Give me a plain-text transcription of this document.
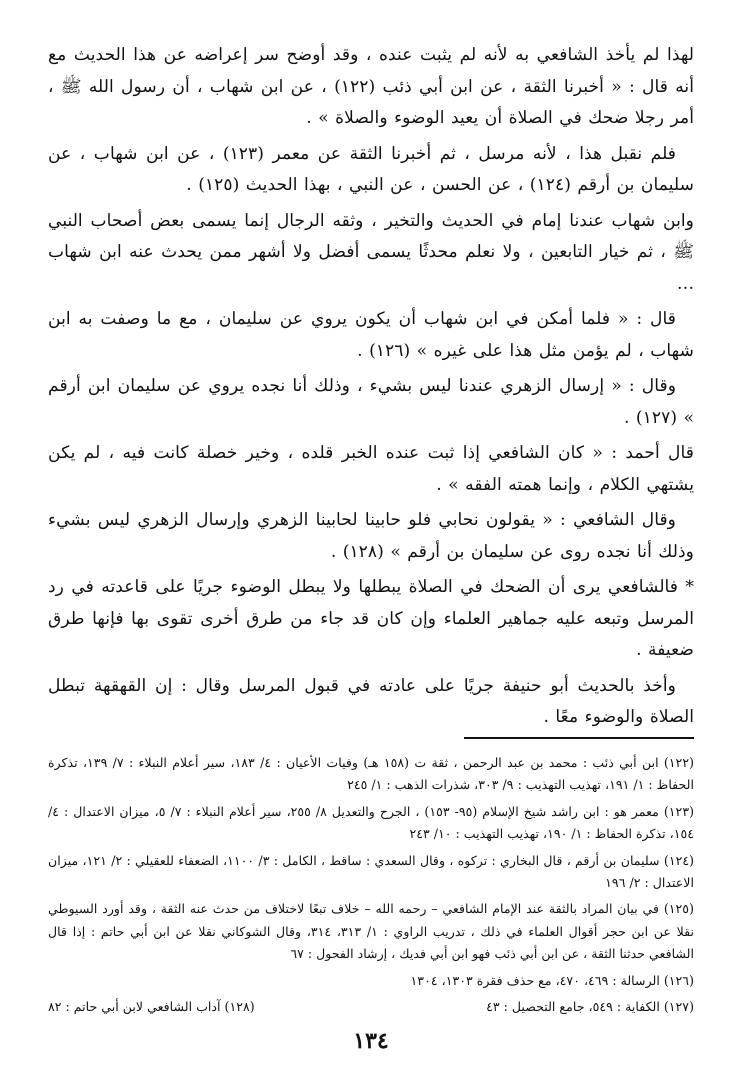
لهذا لم يأخذ الشافعي به لأنه لم يثبت عنده ، وقد أوضح سر إعراضه عن هذا الحديث مع أنه قال : « أخبرنا الثقة ، عن ابن أبي ذئب (١٢٢) ، عن ابن شهاب ، أن رسول الله ﷺ ، أمر رجلا ضحك في الصلاة أن يعيد الوضوء والصلاة » .

فلم نقبل هذا ، لأنه مرسل ، ثم أخبرنا الثقة عن معمر (١٢٣) ، عن ابن شهاب ، عن سليمان بن أرقم (١٢٤) ، عن الحسن ، عن النبي ، بهذا الحديث (١٢٥) .

وابن شهاب عندنا إمام في الحديث والتخير ، وثقه الرجال إنما يسمى بعض أصحاب النبي ﷺ ، ثم خيار التابعين ، ولا نعلم محدثًا يسمى أفضل ولا أشهر ممن يحدث عنه ابن شهاب …

قال : « فلما أمكن في ابن شهاب أن يكون يروي عن سليمان ، مع ما وصفت به ابن شهاب ، لم يؤمن مثل هذا على غيره » (١٢٦) .

وقال : « إرسال الزهري عندنا ليس بشيء ، وذلك أنا نجده يروي عن سليمان ابن أرقم » (١٢٧) .

قال أحمد : « كان الشافعي إذا ثبت عنده الخبر قلده ، وخير خصلة كانت فيه ، لم يكن يشتهي الكلام ، وإنما همته الفقه » .

وقال الشافعي : « يقولون نحابي فلو حابينا لحابينا الزهري وإرسال الزهري ليس بشيء وذلك أنا نجده روى عن سليمان بن أرقم » (١٢٨) .

* فالشافعي يرى أن الضحك في الصلاة يبطلها ولا يبطل الوضوء جريًا على قاعدته في رد المرسل وتبعه عليه جماهير العلماء وإن كان قد جاء من طرق أخرى تقوى بها فإنها طرق ضعيفة .

وأخذ بالحديث أبو حنيفة جريًا على عادته في قبول المرسل وقال : إن القهقهة تبطل الصلاة والوضوء معًا .

(١٢٢) ابن أبي ذئب : محمد بن عبد الرحمن ، ثقة ت (١٥٨ هـ) وفيات الأعيان : ٤/ ١٨٣، سير أعلام النبلاء : ٧/ ١٣٩، تذكرة الحفاظ : ١/ ١٩١، تهذيب التهذيب : ٩/ ٣٠٣، شذرات الذهب : ١/ ٢٤٥

(١٢٣) معمر هو : ابن راشد شيخ الإسلام (٩٥- ١٥٣) ، الجرح والتعديل ٨/ ٢٥٥، سير أعلام النبلاء : ٧/ ٥، ميزان الاعتدال : ٤/ ١٥٤، تذكرة الحفاظ : ١/ ١٩٠، تهذيب التهذيب : ١٠/ ٢٤٣

(١٢٤) سليمان بن أرقم ، قال البخاري : تركوه ، وقال السعدي : ساقط ، الكامل : ٣/ ١١٠٠، الضعفاء للعقيلي : ٢/ ١٢١، ميزان الاعتدال : ٢/ ١٩٦

(١٢٥) في بيان المراد بالثقة عند الإمام الشافعي – رحمه الله – خلاف تبعًا لاختلاف من حدث عنه الثقة ، وقد أورد السيوطي نقلا عن ابن حجر أقوال العلماء في ذلك ، تدريب الراوي : ١/ ٣١٣، ٣١٤، وقال الشوكاني نقلا عن ابن أبي حاتم : إذا قال الشافعي حدثنا الثقة ، عن ابن أبي ذئب فهو ابن أبي فديك ، إرشاد الفحول : ٦٧

(١٢٦) الرسالة : ٤٦٩، ٤٧٠، مع حذف فقرة ١٣٠٣، ١٣٠٤

(١٢٧) الكفاية : ٥٤٩، جامع التحصيل : ٤٣
(١٢٨) آداب الشافعي لابن أبي حاتم : ٨٢
١٣٤
